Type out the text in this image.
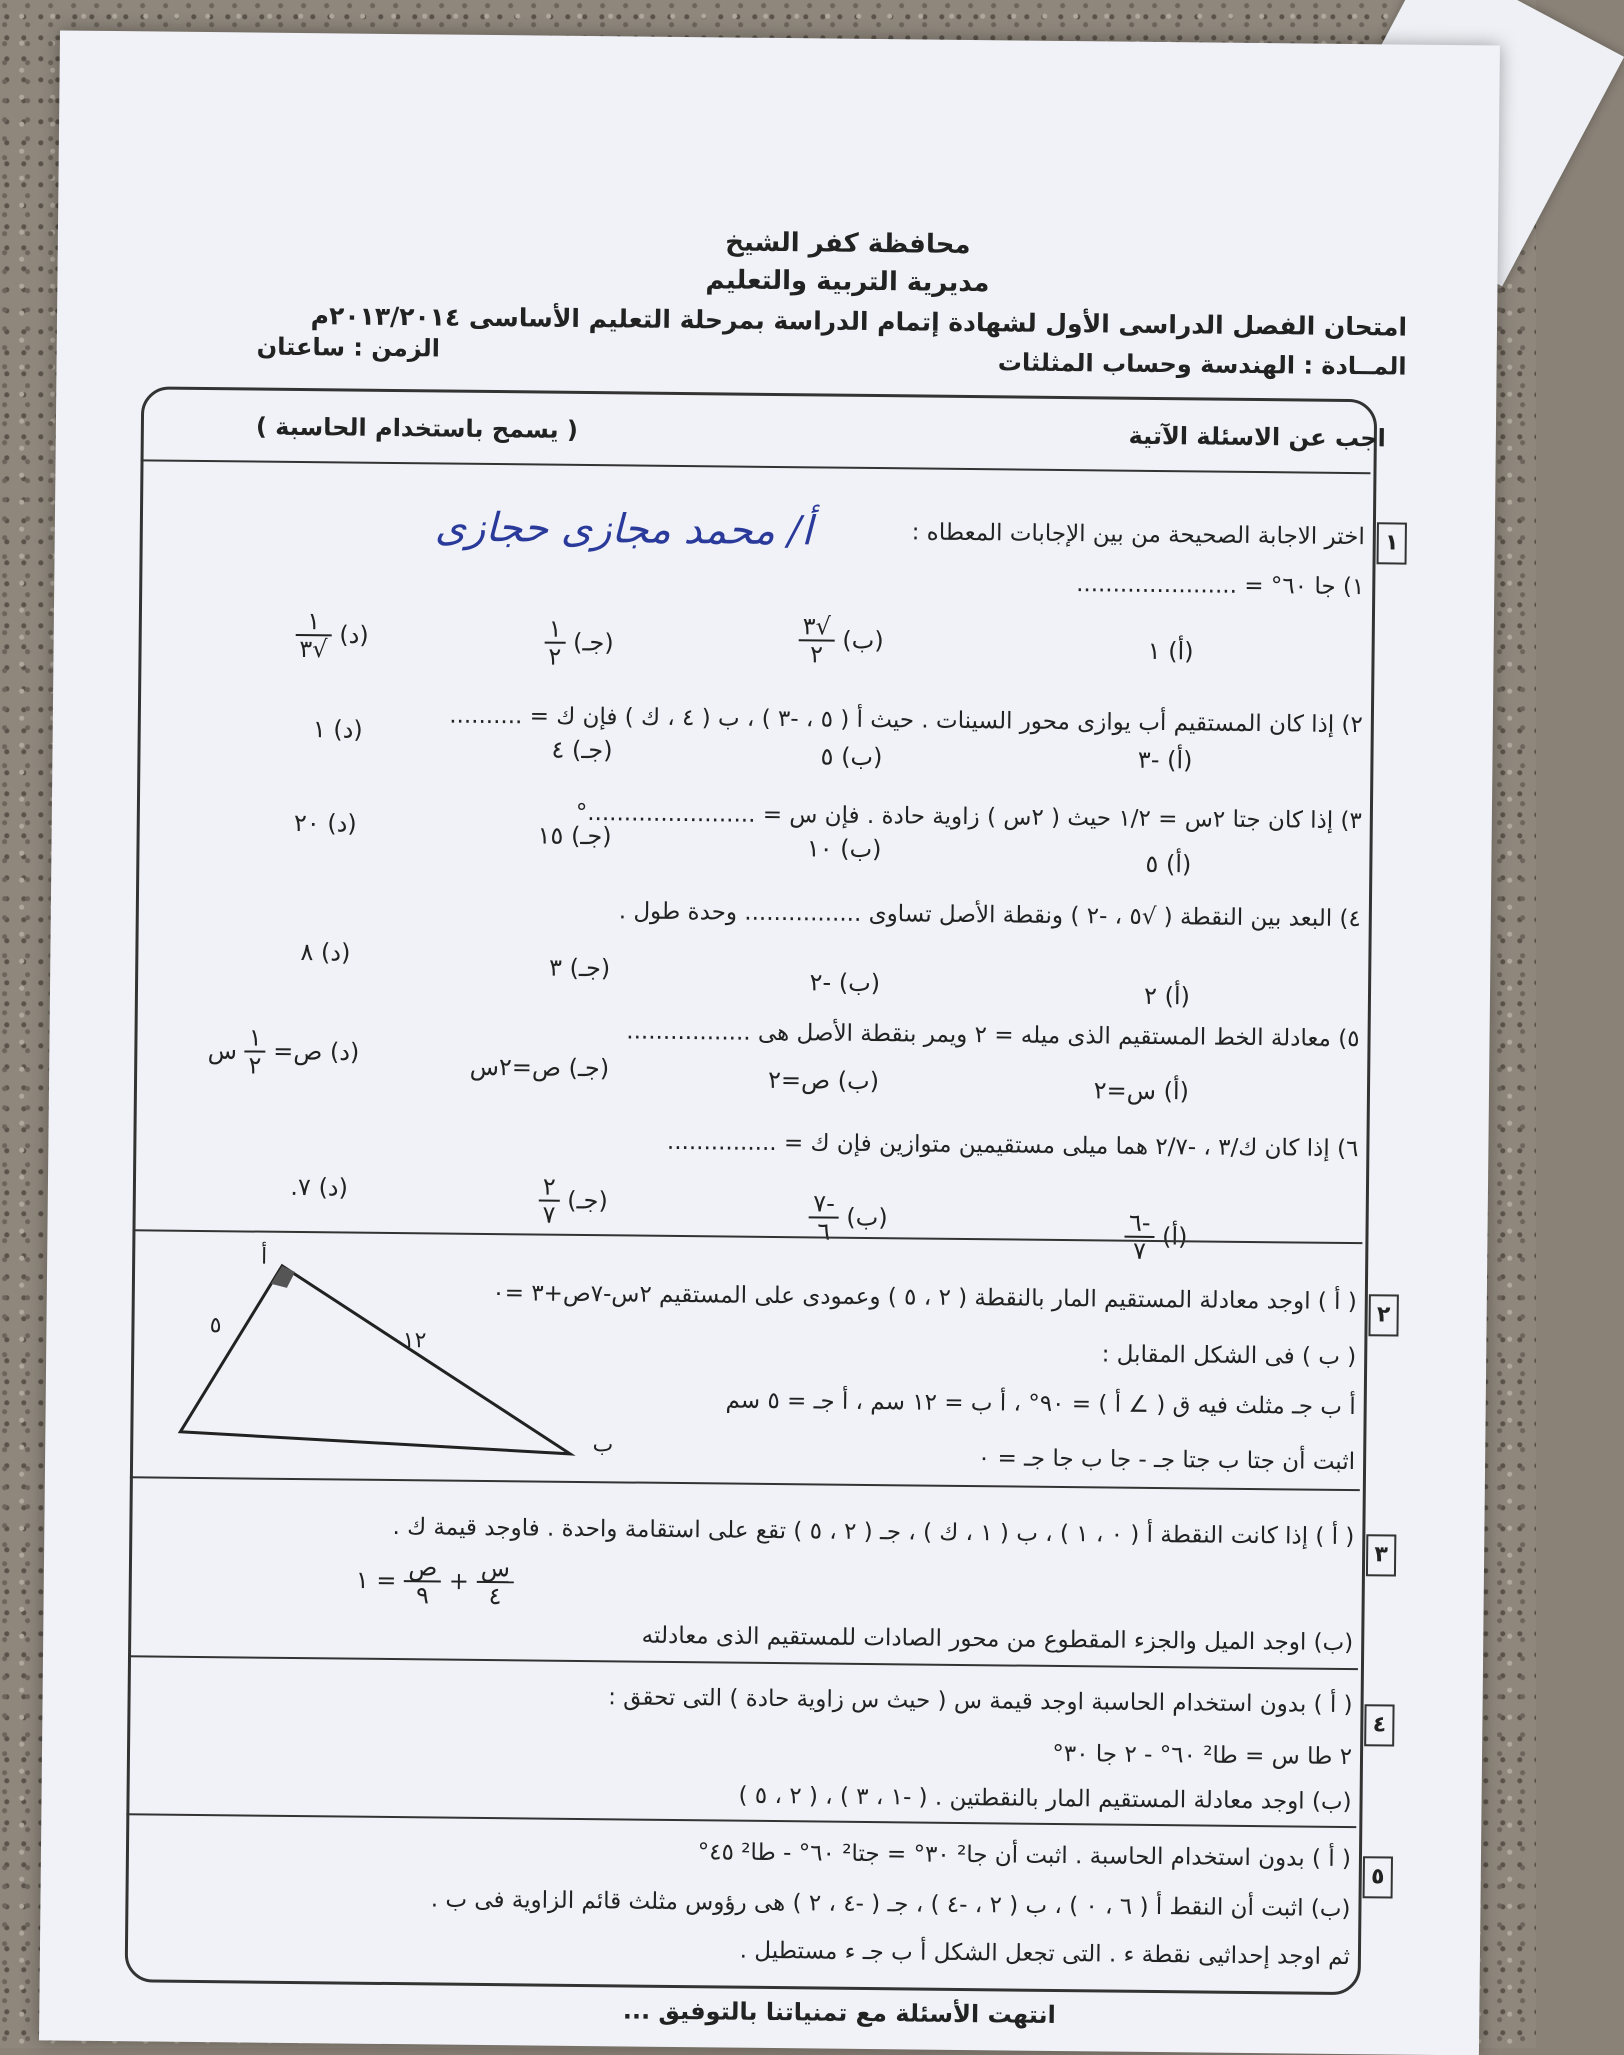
محافظة كفر الشيخ
مديرية التربية والتعليم
امتحان الفصل الدراسى الأول لشهادة إتمام الدراسة بمرحلة التعليم الأساسى ٢٠١٣/٢٠١٤م
المــادة : الهندسة وحساب المثلثات
الزمن : ساعتان
اجب عن الاسئلة الآتية
( يسمح باستخدام الحاسبة )
١
اختر الاجابة الصحيحة من بين الإجابات المعطاه :
أ/ محمد مجازى حجازى
١) جا ٦٠° = ......................
(أ) ١
(ب)
$\frac{√٣}{٢}$
(جـ)
$\frac{١}{٢}$
(د)
$\frac{١}{√٣}$
٢) إذا كان المستقيم أب يوازى محور السينات . حيث أ ( ٥ ، -٣ ) ، ب ( ٤ ، ك ) فإن ك = ..........
(أ) -٣
(ب) ٥
(جـ) ٤
(د) ١
٣) إذا كان جتا ٢س = ١/٢ حيث ( ٢س ) زاوية حادة . فإن س = .......................°
(أ) ٥
(ب) ١٠
(جـ) ١٥
(د) ٢٠
٤) البعد بين النقطة ( √٥ ، -٢ ) ونقطة الأصل تساوى ................ وحدة طول .
(أ) ٢
(ب) -٢
(جـ) ٣
(د) ٨
٥) معادلة الخط المستقيم الذى ميله = ٢ ويمر بنقطة الأصل هى .................
(أ) س=٢
(ب) ص=٢
(جـ) ص=٢س
(د) ص=
$\frac{١}{٢}$
س
٦) إذا كان ك/٣ ، -٢/٧ هما ميلى مستقيمين متوازين فإن ك = ...............
(أ)
$\frac{-٦}{٧}$
(ب)
$\frac{-٧}{٦}$
(جـ)
$\frac{٢}{٧}$
(د) ٧.
٢
( أ ) اوجد معادلة المستقيم المار بالنقطة ( ٢ ، ٥ ) وعمودى على المستقيم ٢س-٧ص+٣ =٠
( ب ) فى الشكل المقابل :
أ ب جـ مثلث فيه ق ( ∠ أ ) = ٩٠° ، أ ب = ١٢ سم ، أ جـ = ٥ سم
اثبت أن جتا ب جتا جـ - جا ب جا جـ = ٠
أ
ب
٥
١٢
٣
( أ ) إذا كانت النقطة أ ( ٠ ، ١ ) ، ب ( ١ ، ك ) ، جـ ( ٢ ، ٥ ) تقع على استقامة واحدة . فاوجد قيمة ك .
(ب) اوجد الميل والجزء المقطوع من محور الصادات للمستقيم الذى معادلته
$\frac{\text{س}}{٤}$
+
$\frac{\text{ص}}{٩}$
= ١
٤
( أ ) بدون استخدام الحاسبة اوجد قيمة س ( حيث س زاوية حادة ) التى تحقق :
٢ طا س = طا² ٦٠° - ٢ جا ٣٠°
(ب) اوجد معادلة المستقيم المار بالنقطتين . ( -١ ، ٣ ) ، ( ٢ ، ٥ )
٥
( أ ) بدون استخدام الحاسبة . اثبت أن جا² ٣٠° = جتا² ٦٠° - طا² ٤٥°
(ب) اثبت أن النقط أ ( ٦ ، ٠ ) ، ب ( ٢ ، -٤ ) ، جـ ( -٤ ، ٢ ) هى رؤوس مثلث قائم الزاوية فى ب .
ثم اوجد إحداثيى نقطة ء . التى تجعل الشكل أ ب جـ ء مستطيل .
انتهت الأسئلة مع تمنياتنا بالتوفيق ...
